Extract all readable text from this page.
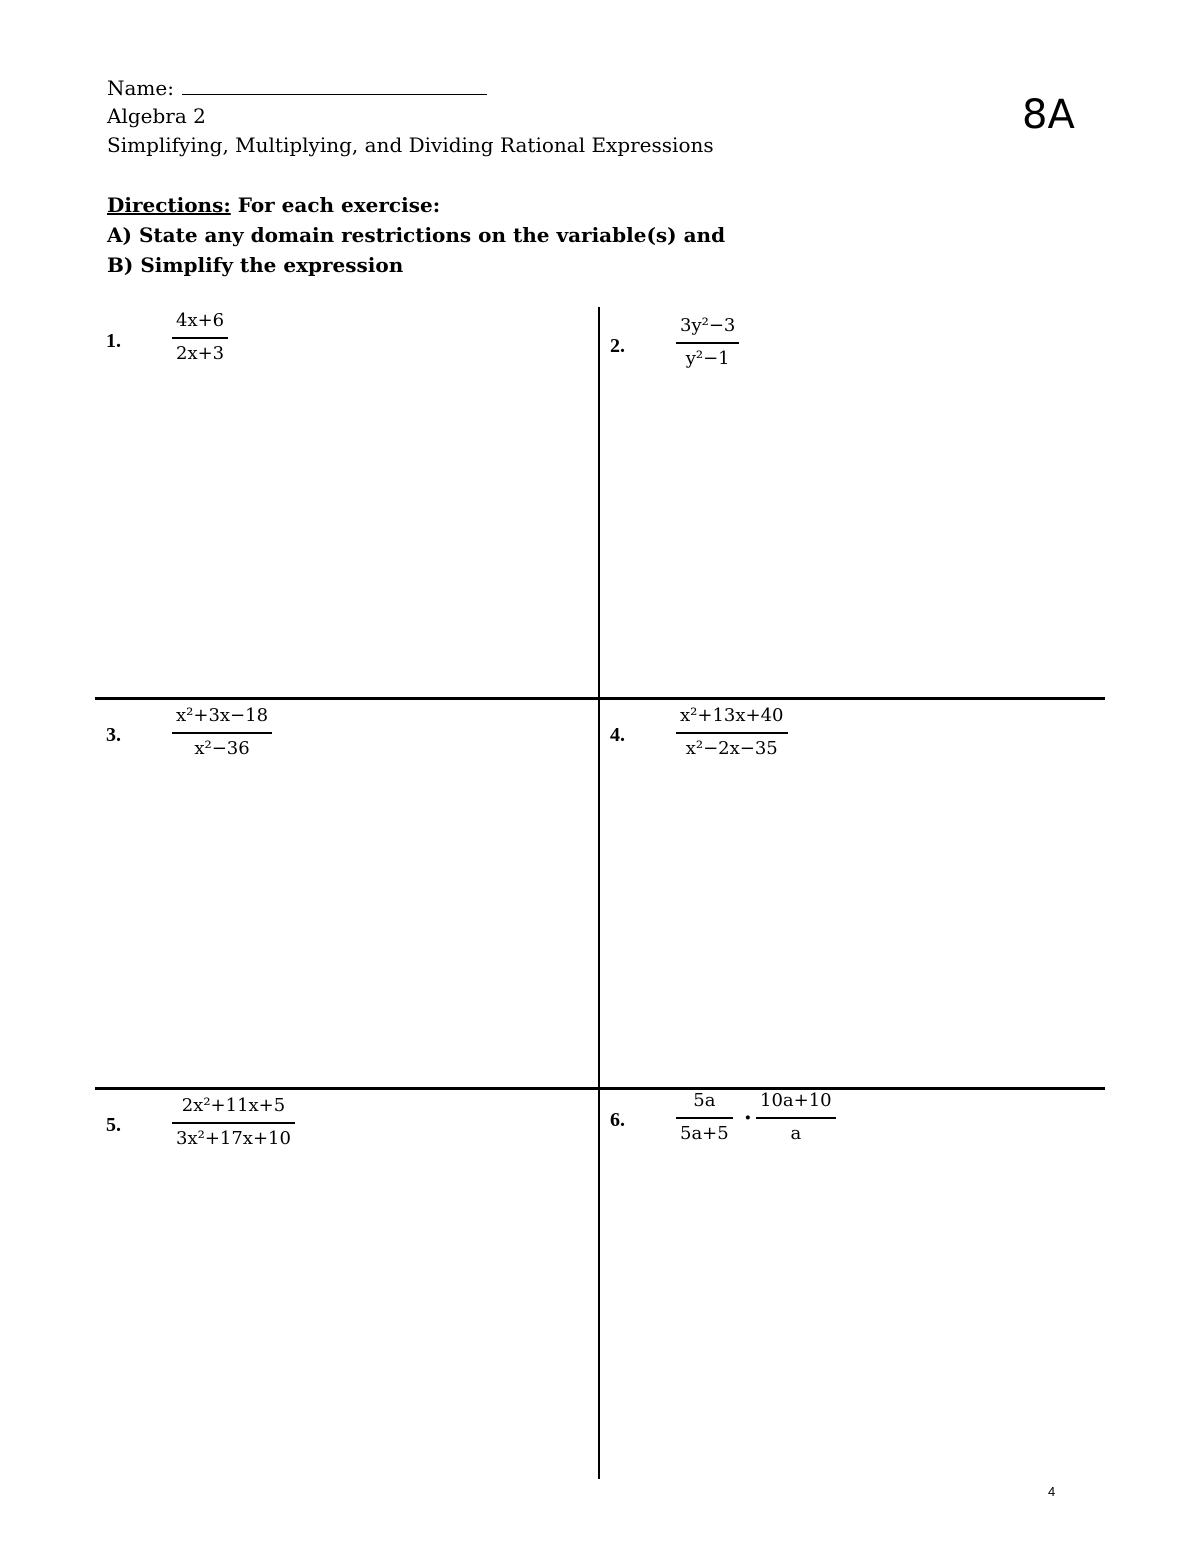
Name:
Algebra 2
Simplifying, Multiplying, and Dividing Rational Expressions
8A
Directions: For each exercise:
A) State any domain restrictions on the variable(s) and
B) Simplify the expression
1.
4x+6
2x+3	2.
3y²−3
y²−1
3.
x²+3x−18
x²−36
4.
x²+13x+40
x²−2x−35
5.
2x²+11x+5
3x²+17x+10
6.
5a
5a+5
·
10a+10
a
4
